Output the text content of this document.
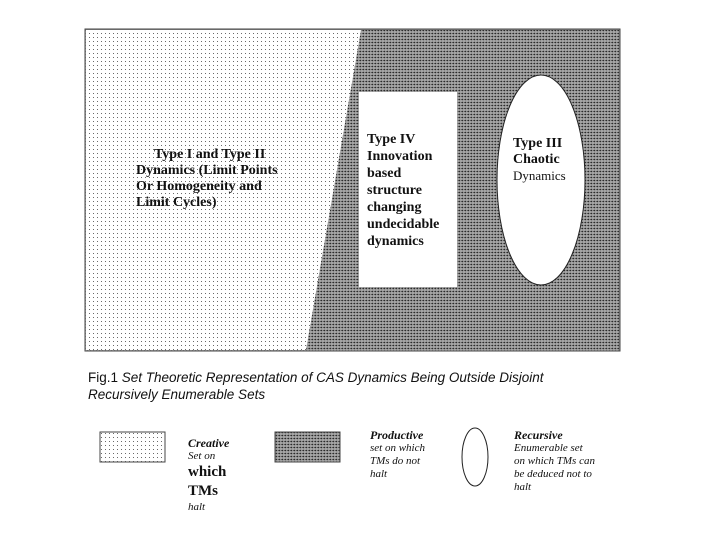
Type I and Type II
Dynamics (Limit Points
Or Homogeneity and
Limit Cycles)
Type IV
Innovation
based
structure
changing
undecidable
dynamics
Type III
Chaotic
Dynamics
Fig.1 Set Theoretic Representation of CAS Dynamics Being Outside Disjoint
Recursively Enumerable Sets
Creative
Set on
which
TMs
halt
Productive
set on which
TMs do not
halt
Recursive
Enumerable set
on which TMs can
be deduced not to
halt
